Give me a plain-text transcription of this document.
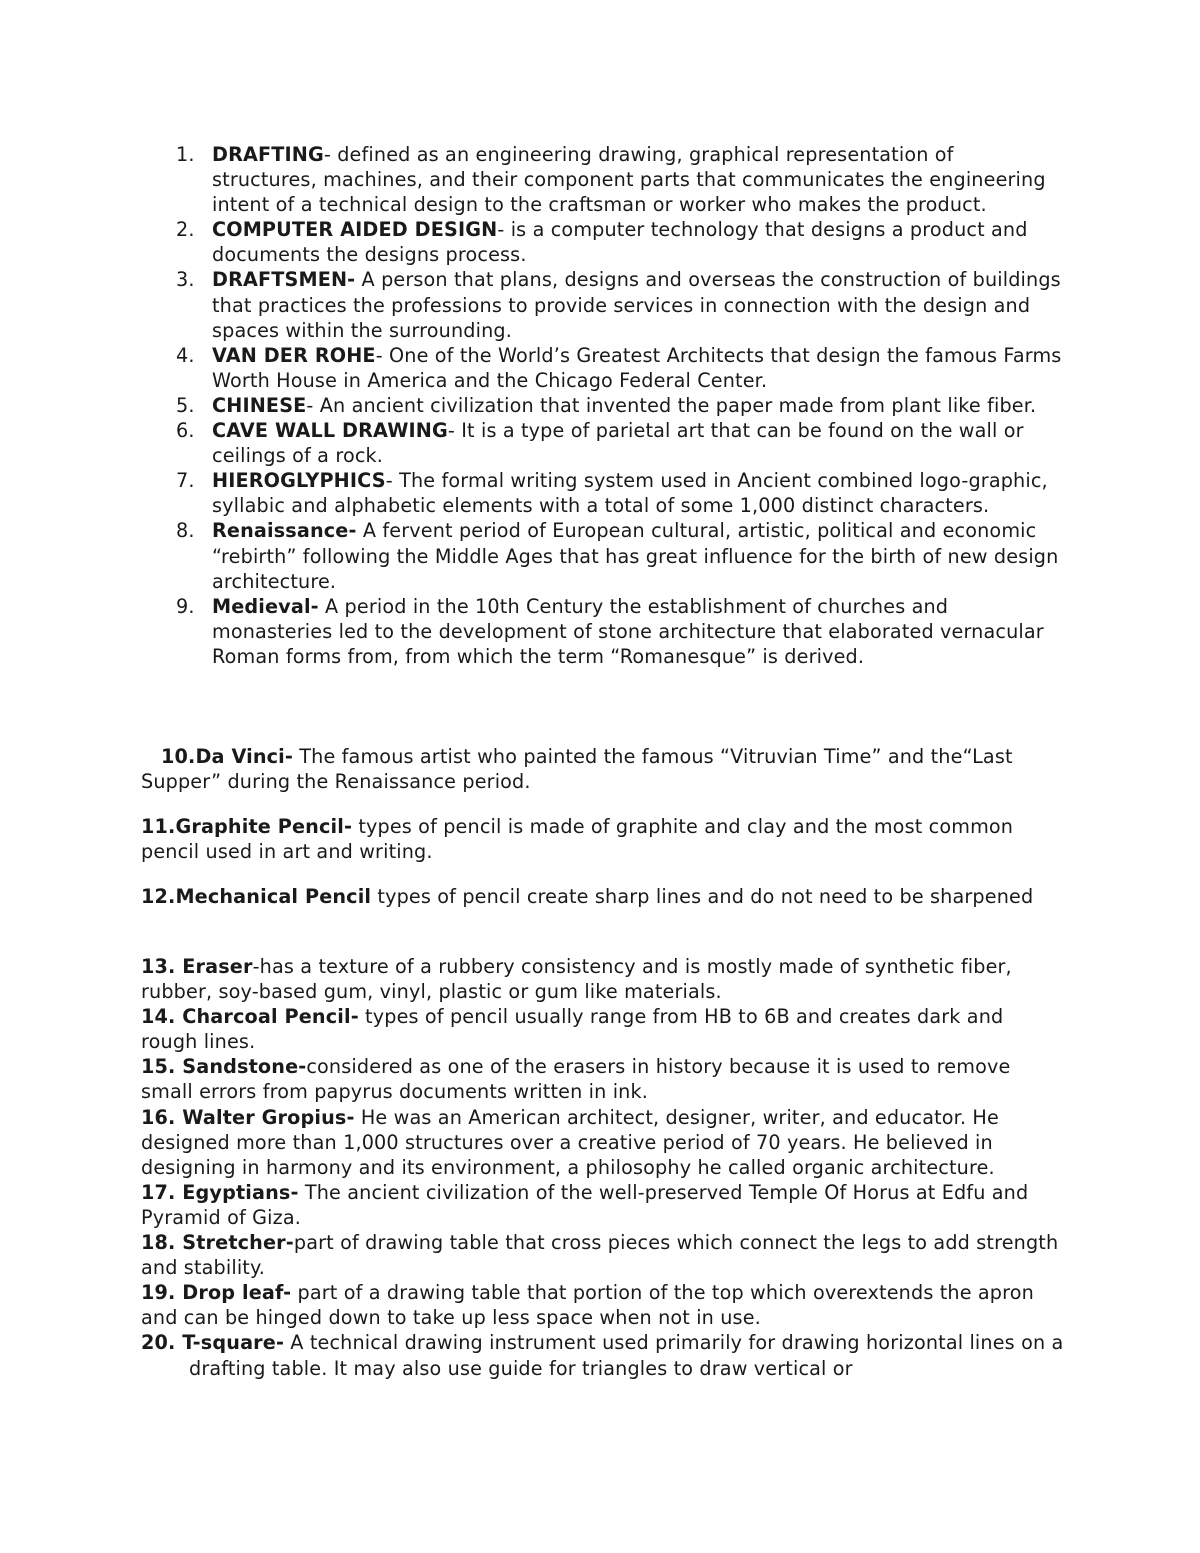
1. DRAFTING- defined as an engineering drawing, graphical representation of structures, machines, and their component parts that communicates the engineering intent of a technical design to the craftsman or worker who makes the product.
2. COMPUTER AIDED DESIGN- is a computer technology that designs a product and documents the designs process.
3. DRAFTSMEN- A person that plans, designs and overseas the construction of buildings that practices the professions to provide services in connection with the design and spaces within the surrounding.
4. VAN DER ROHE- One of the World’s Greatest Architects that design the famous Farms Worth House in America and the Chicago Federal Center.
5. CHINESE- An ancient civilization that invented the paper made from plant like fiber.
6. CAVE WALL DRAWING- It is a type of parietal art that can be found on the wall or ceilings of a rock.
7. HIEROGLYPHICS- The formal writing system used in Ancient combined logo-graphic, syllabic and alphabetic elements with a total of some 1,000 distinct characters.
8. Renaissance- A fervent period of European cultural, artistic, political and economic “rebirth” following the Middle Ages that has great influence for the birth of new design architecture.
9. Medieval- A period in the 10th Century the establishment of churches and monasteries led to the development of stone architecture that elaborated vernacular Roman forms from, from which the term “Romanesque” is derived.

10.Da Vinci- The famous artist who painted the famous “Vitruvian Time” and the“Last Supper” during the Renaissance period.

11.Graphite Pencil- types of pencil is made of graphite and clay and the most common pencil used in art and writing.

12.Mechanical Pencil types of pencil create sharp lines and do not need to be sharpened

13. Eraser-has a texture of a rubbery consistency and is mostly made of synthetic fiber, rubber, soy-based gum, vinyl, plastic or gum like materials.

14. Charcoal Pencil- types of pencil usually range from HB to 6B and creates dark and rough lines.

15. Sandstone-considered as one of the erasers in history because it is used to remove small errors from papyrus documents written in ink.

16. Walter Gropius- He was an American architect, designer, writer, and educator. He designed more than 1,000 structures over a creative period of 70 years. He believed in designing in harmony and its environment, a philosophy he called organic architecture.

17. Egyptians- The ancient civilization of the well-preserved Temple Of Horus at Edfu and Pyramid of Giza.

18. Stretcher-part of drawing table that cross pieces which connect the legs to add strength and stability.

19. Drop leaf- part of a drawing table that portion of the top which overextends the apron and can be hinged down to take up less space when not in use.

20. T-square- A technical drawing instrument used primarily for drawing horizontal lines on a drafting table. It may also use guide for triangles to draw vertical or
